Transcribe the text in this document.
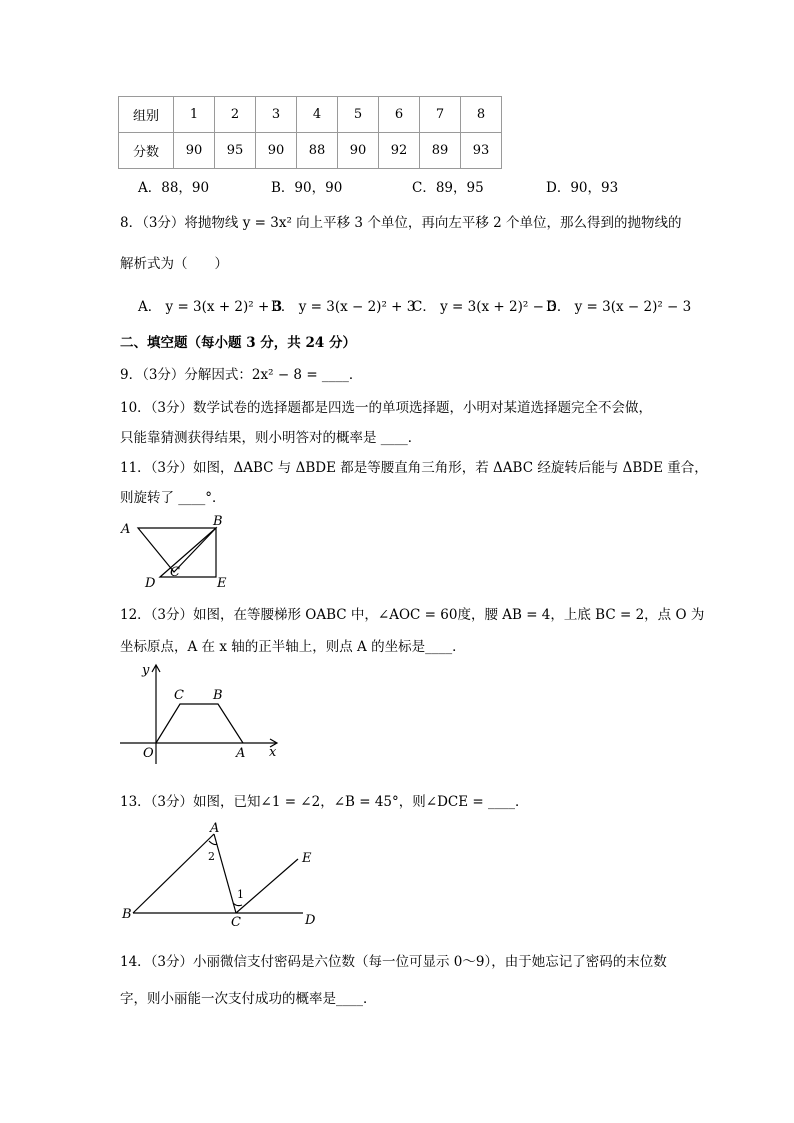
组别	1	2	3	4	5	6	7	8
分数	90	95	90	88	90	92	89	93
A．88，90	B．90，90	C．89，95	D．90，93
8．（3分）将抛物线 y = 3x² 向上平移 3 个单位，再向左平移 2 个单位，那么得到的抛物线的
解析式为（　　）
A． y = 3(x + 2)² + 3
B． y = 3(x − 2)² + 3
C． y = 3(x + 2)² − 3
D． y = 3(x − 2)² − 3
二、填空题（每小题 3 分，共 24 分）
9．（3分）分解因式：2x² − 8 = ____．
10．（3分）数学试卷的选择题都是四选一的单项选择题，小明对某道选择题完全不会做，
只能靠猜测获得结果，则小明答对的概率是 ____．
11．（3分）如图，ΔABC 与 ΔBDE 都是等腰直角三角形，若 ΔABC 经旋转后能与 ΔBDE 重合，
则旋转了 ____°．
A
B
C
D	E
12．（3分）如图，在等腰梯形 OABC 中，∠AOC = 60度，腰 AB = 4，上底 BC = 2，点 O 为
坐标原点，A 在 x 轴的正半轴上，则点 A 的坐标是____．
y
x
O	A
B
C
13．（3分）如图，已知∠1 = ∠2，∠B = 45°，则∠DCE = ____．
A
B
C	D
E
2
1
14．（3分）小丽微信支付密码是六位数（每一位可显示 0～9），由于她忘记了密码的末位数
字，则小丽能一次支付成功的概率是____．
